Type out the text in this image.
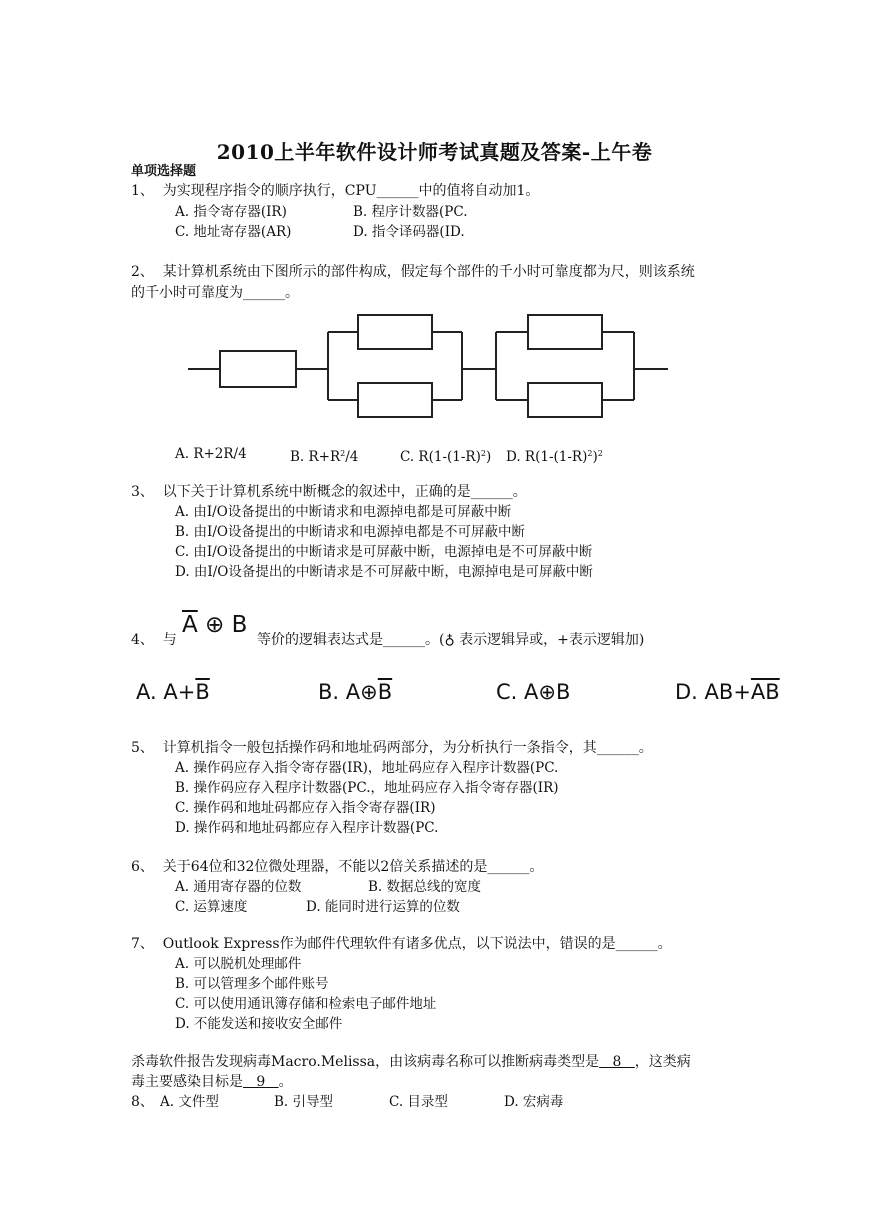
2010上半年软件设计师考试真题及答案-上午卷
单项选择题
1、  为实现程序指令的顺序执行，CPU______中的值将自动加1。
A. 指令寄存器(IR)	B. 程序计数器(PC.
C. 地址寄存器(AR)	D. 指令译码器(ID.
2、  某计算机系统由下图所示的部件构成，假定每个部件的千小时可靠度都为尺，则该系统
的千小时可靠度为______。
A. R+2R/4	B. $R+R^2/4$	C. $R(1-(1-R)^2)$ D. $R(1-(1-R)^2)^2$
3、  以下关于计算机系统中断概念的叙述中，正确的是______。
A. 由I/O设备提出的中断请求和电源掉电都是可屏蔽中断
B. 由I/O设备提出的中断请求和电源掉电都是不可屏蔽中断
C. 由I/O设备提出的中断请求是可屏蔽中断，电源掉电是不可屏蔽中断
D. 由I/O设备提出的中断请求是不可屏蔽中断，电源掉电是可屏蔽中断
4、  与
$\overline{A}$ ⊕ B
等价的逻辑表达式是______。(♁ 表示逻辑异或，+表示逻辑加)
A. $A+\overline{B}$	B. $A\oplus\overline{B}$	C. A⊕B	D. $AB+\overline{AB}$
5、  计算机指令一般包括操作码和地址码两部分，为分析执行一条指令，其______。
A. 操作码应存入指令寄存器(IR)，地址码应存入程序计数器(PC.
B. 操作码应存入程序计数器(PC.，地址码应存入指令寄存器(IR)
C. 操作码和地址码都应存入指令寄存器(IR)
D. 操作码和地址码都应存入程序计数器(PC.
6、  关于64位和32位微处理器，不能以2倍关系描述的是______。
A. 通用寄存器的位数	B. 数据总线的宽度
C. 运算速度	D. 能同时进行运算的位数
7、  Outlook Express作为邮件代理软件有诸多优点，以下说法中，错误的是______。
A. 可以脱机处理邮件
B. 可以管理多个邮件账号
C. 可以使用通讯簿存储和检索电子邮件地址
D. 不能发送和接收安全邮件
杀毒软件报告发现病毒Macro.Melissa，由该病毒名称可以推断病毒类型是   8   ，这类病
毒主要感染目标是   9   。
8、 A. 文件型	B. 引导型	C. 目录型	D. 宏病毒
